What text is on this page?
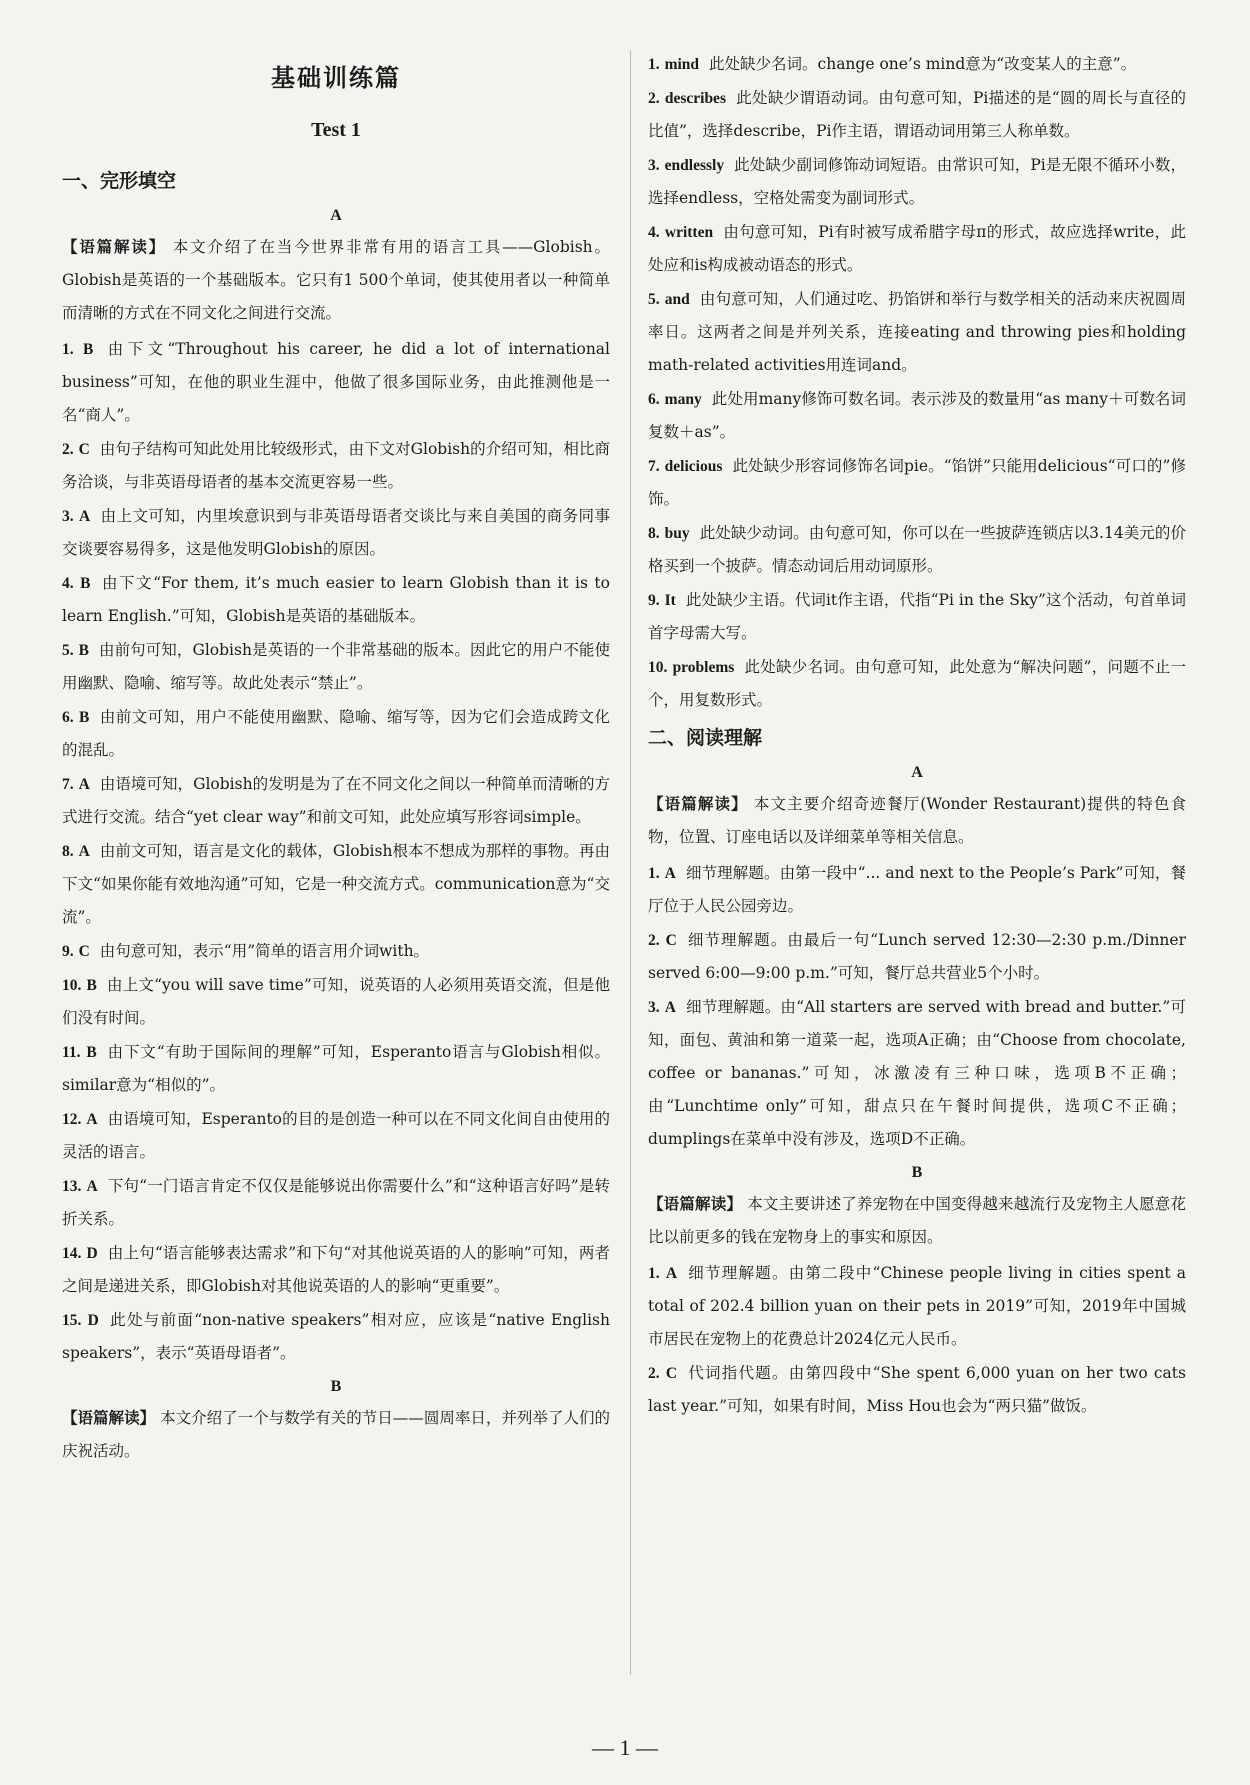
基础训练篇
Test 1
一、完形填空
A
【语篇解读】 本文介绍了在当今世界非常有用的语言工具——Globish。Globish是英语的一个基础版本。它只有1 500个单词，使其使用者以一种简单而清晰的方式在不同文化之间进行交流。
1. B 由下文“Throughout his career, he did a lot of international business”可知，在他的职业生涯中，他做了很多国际业务，由此推测他是一名“商人”。
2. C 由句子结构可知此处用比较级形式，由下文对Globish的介绍可知，相比商务洽谈，与非英语母语者的基本交流更容易一些。
3. A 由上文可知，内里埃意识到与非英语母语者交谈比与来自美国的商务同事交谈要容易得多，这是他发明Globish的原因。
4. B 由下文“For them, it’s much easier to learn Globish than it is to learn English.”可知，Globish是英语的基础版本。
5. B 由前句可知，Globish是英语的一个非常基础的版本。因此它的用户不能使用幽默、隐喻、缩写等。故此处表示“禁止”。
6. B 由前文可知，用户不能使用幽默、隐喻、缩写等，因为它们会造成跨文化的混乱。
7. A 由语境可知，Globish的发明是为了在不同文化之间以一种简单而清晰的方式进行交流。结合“yet clear way”和前文可知，此处应填写形容词simple。
8. A 由前文可知，语言是文化的载体，Globish根本不想成为那样的事物。再由下文“如果你能有效地沟通”可知，它是一种交流方式。communication意为“交流”。
9. C 由句意可知，表示“用”简单的语言用介词with。
10. B 由上文“you will save time”可知，说英语的人必须用英语交流，但是他们没有时间。
11. B 由下文“有助于国际间的理解”可知，Esperanto语言与Globish相似。similar意为“相似的”。
12. A 由语境可知，Esperanto的目的是创造一种可以在不同文化间自由使用的灵活的语言。
13. A 下句“一门语言肯定不仅仅是能够说出你需要什么”和“这种语言好吗”是转折关系。
14. D 由上句“语言能够表达需求”和下句“对其他说英语的人的影响”可知，两者之间是递进关系，即Globish对其他说英语的人的影响“更重要”。
15. D 此处与前面“non-native speakers”相对应，应该是“native English speakers”，表示“英语母语者”。
B
【语篇解读】 本文介绍了一个与数学有关的节日——圆周率日，并列举了人们的庆祝活动。
1. mind 此处缺少名词。change one’s mind意为“改变某人的主意”。
2. describes 此处缺少谓语动词。由句意可知，Pi描述的是“圆的周长与直径的比值”，选择describe，Pi作主语，谓语动词用第三人称单数。
3. endlessly 此处缺少副词修饰动词短语。由常识可知，Pi是无限不循环小数，选择endless，空格处需变为副词形式。
4. written 由句意可知，Pi有时被写成希腊字母π的形式，故应选择write，此处应和is构成被动语态的形式。
5. and 由句意可知，人们通过吃、扔馅饼和举行与数学相关的活动来庆祝圆周率日。这两者之间是并列关系，连接eating and throwing pies和holding math-related activities用连词and。
6. many 此处用many修饰可数名词。表示涉及的数量用“as many＋可数名词复数＋as”。
7. delicious 此处缺少形容词修饰名词pie。“馅饼”只能用delicious“可口的”修饰。
8. buy 此处缺少动词。由句意可知，你可以在一些披萨连锁店以3.14美元的价格买到一个披萨。情态动词后用动词原形。
9. It 此处缺少主语。代词it作主语，代指“Pi in the Sky”这个活动，句首单词首字母需大写。
10. problems 此处缺少名词。由句意可知，此处意为“解决问题”，问题不止一个，用复数形式。
二、阅读理解
A
【语篇解读】 本文主要介绍奇迹餐厅(Wonder Restaurant)提供的特色食物，位置、订座电话以及详细菜单等相关信息。
1. A 细节理解题。由第一段中“... and next to the People’s Park”可知，餐厅位于人民公园旁边。
2. C 细节理解题。由最后一句“Lunch served 12:30—2:30 p.m./Dinner served 6:00—9:00 p.m.”可知，餐厅总共营业5个小时。
3. A 细节理解题。由“All starters are served with bread and butter.”可知，面包、黄油和第一道菜一起，选项A正确；由“Choose from chocolate, coffee or bananas.”可知，冰激凌有三种口味，选项B不正确；由“Lunchtime only”可知，甜点只在午餐时间提供，选项C不正确；dumplings在菜单中没有涉及，选项D不正确。
B
【语篇解读】 本文主要讲述了养宠物在中国变得越来越流行及宠物主人愿意花比以前更多的钱在宠物身上的事实和原因。
1. A 细节理解题。由第二段中“Chinese people living in cities spent a total of 202.4 billion yuan on their pets in 2019”可知，2019年中国城市居民在宠物上的花费总计2024亿元人民币。
2. C 代词指代题。由第四段中“She spent 6,000 yuan on her two cats last year.”可知，如果有时间，Miss Hou也会为“两只猫”做饭。
— 1 —
